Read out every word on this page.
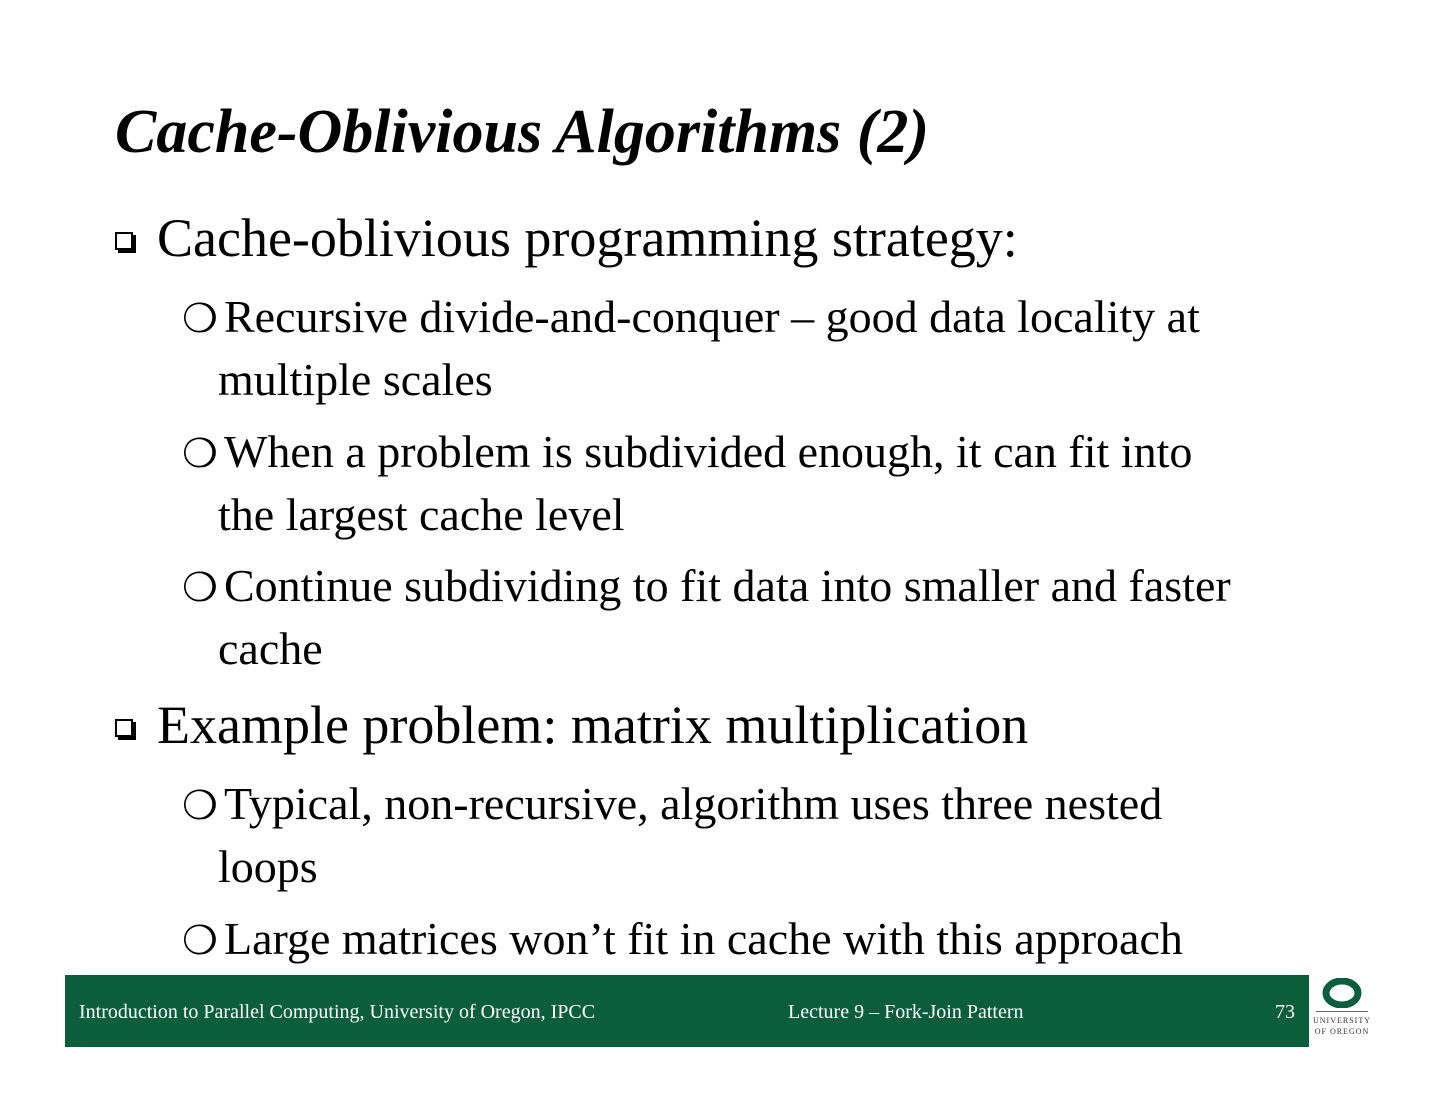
Cache-Oblivious Algorithms (2)
Cache-oblivious programming strategy:
❍ Recursive divide-and-conquer – good data locality at
multiple scales
❍ When a problem is subdivided enough, it can fit into
the largest cache level
❍ Continue subdividing to fit data into smaller and faster
cache
Example problem: matrix multiplication
❍ Typical, non-recursive, algorithm uses three nested
loops
❍ Large matrices won’t fit in cache with this approach
Introduction to Parallel Computing, University of Oregon, IPCC	Lecture 9 – Fork-Join Pattern	73 UNIVERSITY
OF OREGON
